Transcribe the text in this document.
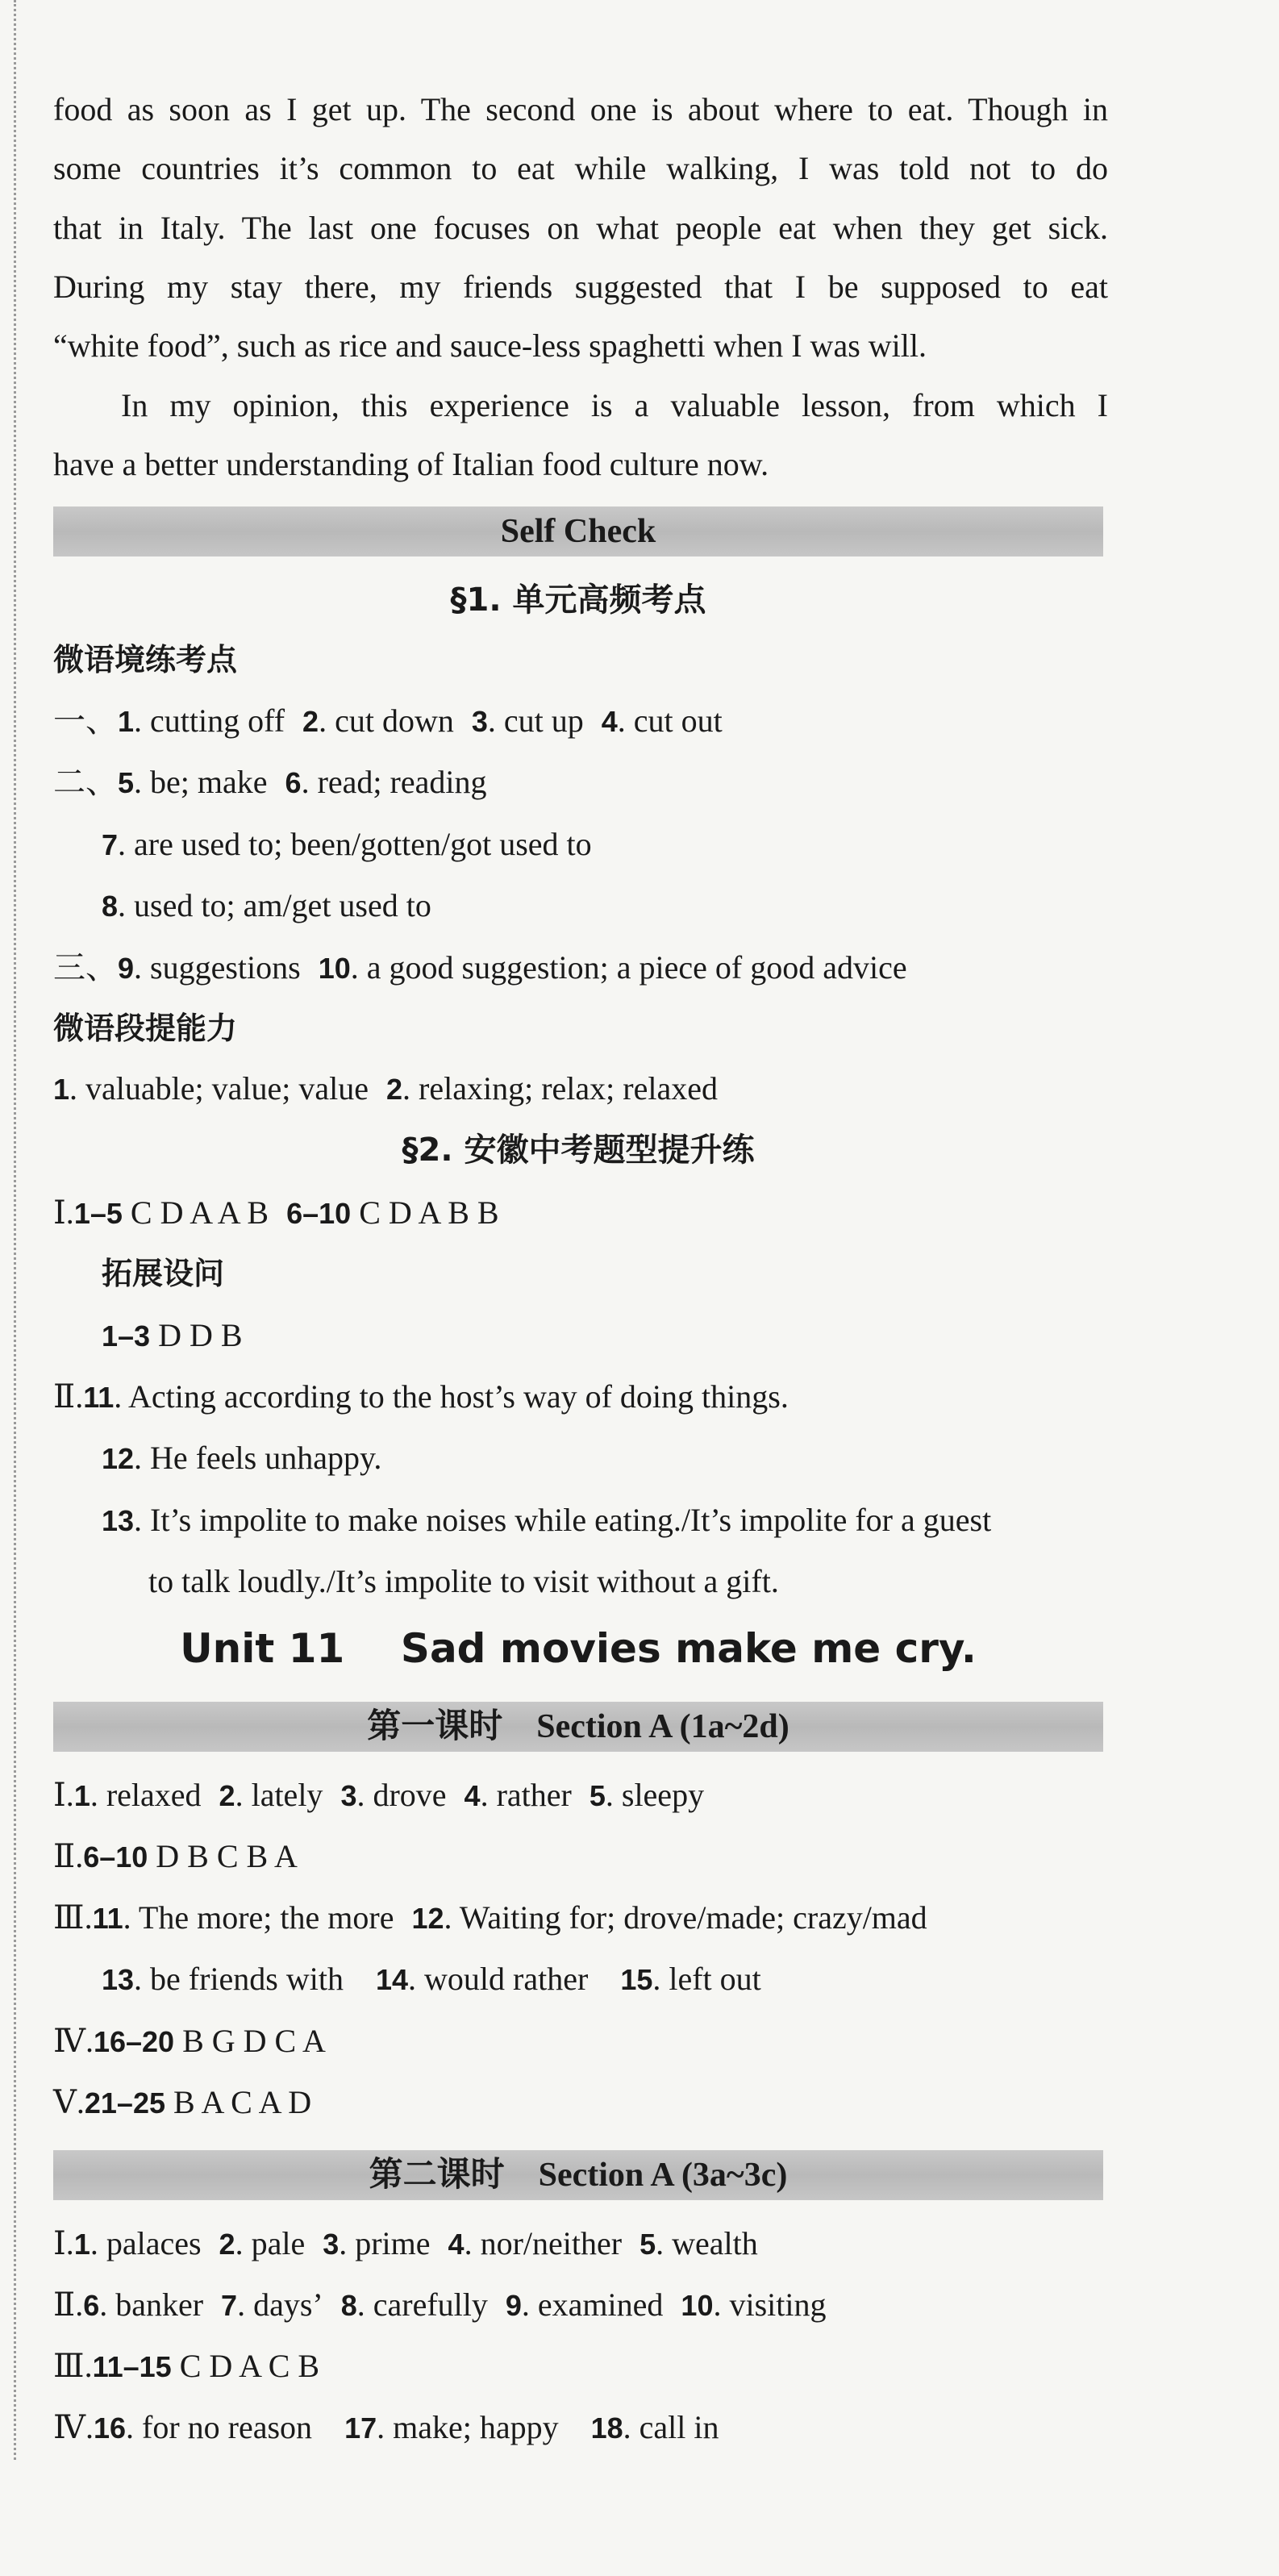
food as soon as I get up. The second one is about where to eat. Though in
some countries it’s common to eat while walking, I was told not to do
that in Italy. The last one focuses on what people eat when they get sick.
During my stay there, my friends suggested that I be supposed to eat
“white food”, such as rice and sauce-less spaghetti when I was will.
In my opinion, this experience is a valuable lesson, from which I
have a better understanding of Italian food culture now.
Self Check
§1. 单元高频考点
微语境练考点
一、1. cutting off 2. cut down 3. cut up 4. cut out
二、5. be; make 6. read; reading
7. are used to; been/gotten/got used to
8. used to; am/get used to
三、9. suggestions 10. a good suggestion; a piece of good advice
微语段提能力
1. valuable; value; value 2. relaxing; relax; relaxed
§2. 安徽中考题型提升练
Ⅰ.1–5 C D A A B 6–10 C D A B B
拓展设问
1–3 D D B
Ⅱ.11. Acting according to the host’s way of doing things.
12. He feels unhappy.
13. It’s impolite to make noises while eating./It’s impolite for a guest
to talk loudly./It’s impolite to visit without a gift.
Unit 11    Sad movies make me cry.
第一课时    Section A (1a~2d)
Ⅰ.1. relaxed 2. lately 3. drove 4. rather 5. sleepy
Ⅱ.6–10 D B C B A
Ⅲ.11. The more; the more 12. Waiting for; drove/made; crazy/mad
13. be friends with 14. would rather 15. left out
Ⅳ.16–20 B G D C A
Ⅴ.21–25 B A C A D
第二课时    Section A (3a~3c)
Ⅰ.1. palaces 2. pale 3. prime 4. nor/neither 5. wealth
Ⅱ.6. banker 7. days’ 8. carefully 9. examined 10. visiting
Ⅲ.11–15 C D A C B
Ⅳ.16. for no reason 17. make; happy 18. call in
